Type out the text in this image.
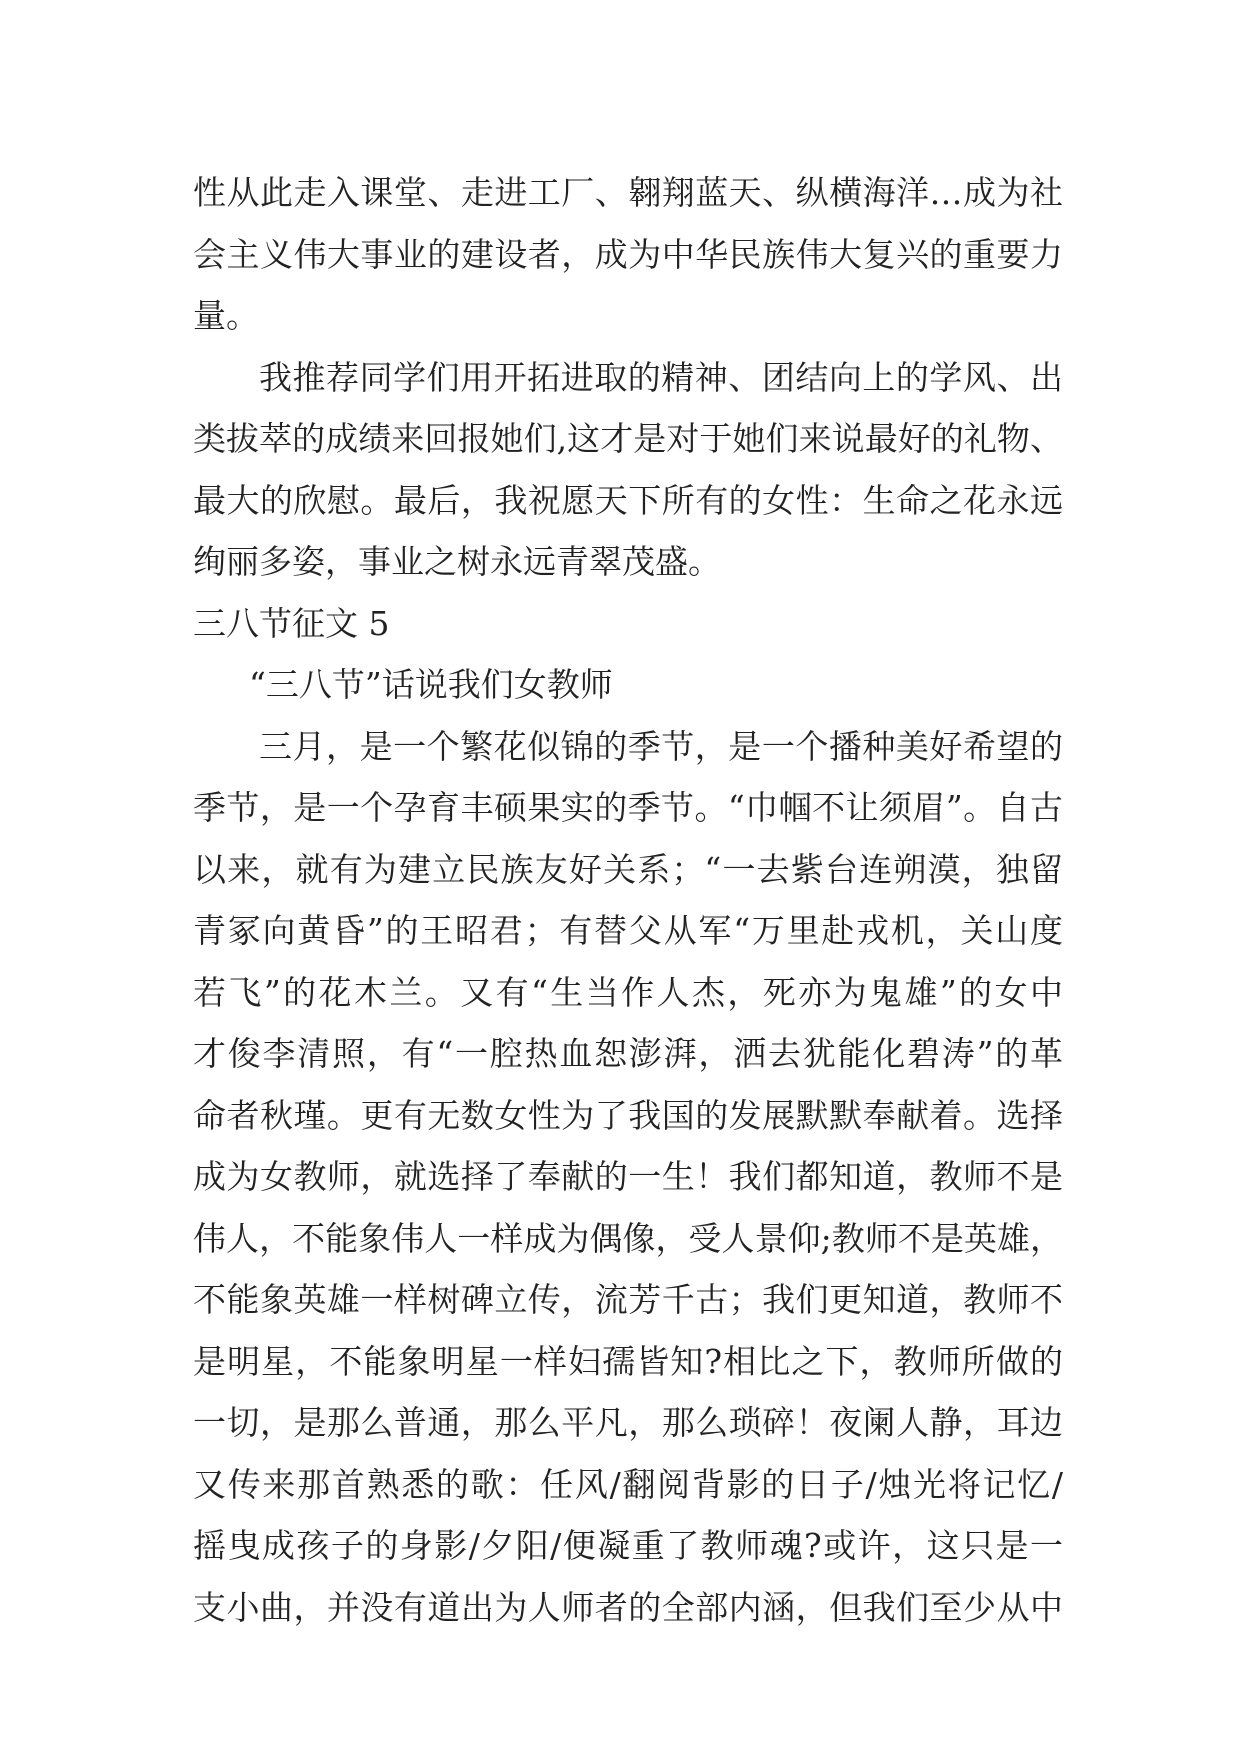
性从此走入课堂、走进工厂、翱翔蓝天、纵横海洋…成为社
会主义伟大事业的建设者，成为中华民族伟大复兴的重要力
量。
我推荐同学们用开拓进取的精神、团结向上的学风、出
类拔萃的成绩来回报她们,这才是对于她们来说最好的礼物、
最大的欣慰。最后，我祝愿天下所有的女性：生命之花永远
绚丽多姿，事业之树永远青翠茂盛。
三八节征文 5
“三八节”话说我们女教师
三月，是一个繁花似锦的季节，是一个播种美好希望的
季节，是一个孕育丰硕果实的季节。“巾帼不让须眉”。自古
以来，就有为建立民族友好关系；“一去紫台连朔漠，独留
青冢向黄昏”的王昭君；有替父从军“万里赴戎机，关山度
若飞”的花木兰。又有“生当作人杰，死亦为鬼雄”的女中
才俊李清照，有“一腔热血恕澎湃，洒去犹能化碧涛”的革
命者秋瑾。更有无数女性为了我国的发展默默奉献着。选择
成为女教师，就选择了奉献的一生！我们都知道，教师不是
伟人，不能象伟人一样成为偶像，受人景仰;教师不是英雄，
不能象英雄一样树碑立传，流芳千古；我们更知道，教师不
是明星，不能象明星一样妇孺皆知?相比之下，教师所做的
一切，是那么普通，那么平凡，那么琐碎！夜阑人静，耳边
又传来那首熟悉的歌：任风/翻阅背影的日子/烛光将记忆/
摇曳成孩子的身影/夕阳/便凝重了教师魂?或许，这只是一
支小曲，并没有道出为人师者的全部内涵，但我们至少从中
